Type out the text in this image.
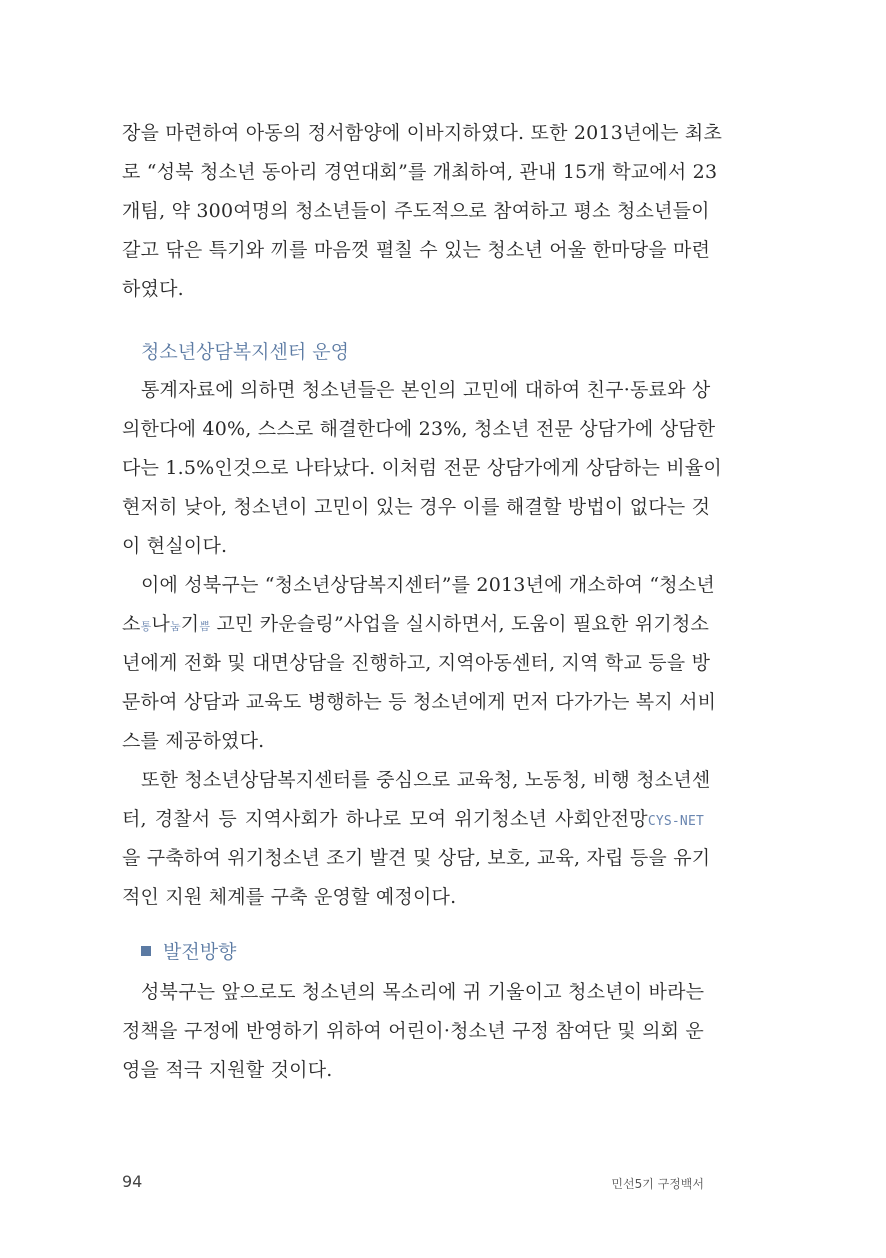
장을 마련하여 아동의 정서함양에 이바지하였다. 또한 2013년에는 최초
로 “성북 청소년 동아리 경연대회”를 개최하여, 관내 15개 학교에서 23
개팀, 약 300여명의 청소년들이 주도적으로 참여하고 평소 청소년들이
갈고 닦은 특기와 끼를 마음껏 펼칠 수 있는 청소년 어울 한마당을 마련
하였다.
청소년상담복지센터 운영
통계자료에 의하면 청소년들은 본인의 고민에 대하여 친구·동료와 상
의한다에 40%, 스스로 해결한다에 23%, 청소년 전문 상담가에 상담한
다는 1.5%인것으로 나타났다. 이처럼 전문 상담가에게 상담하는 비율이
현저히 낮아, 청소년이 고민이 있는 경우 이를 해결할 방법이 없다는 것
이 현실이다.
이에 성북구는 “청소년상담복지센터”를 2013년에 개소하여 “청소년
소통나눔기쁨 고민 카운슬링”사업을 실시하면서, 도움이 필요한 위기청소
년에게 전화 및 대면상담을 진행하고, 지역아동센터, 지역 학교 등을 방
문하여 상담과 교육도 병행하는 등 청소년에게 먼저 다가가는 복지 서비
스를 제공하였다.
또한 청소년상담복지센터를 중심으로 교육청, 노동청, 비행 청소년센
터, 경찰서 등 지역사회가 하나로 모여 위기청소년 사회안전망CYS-NET
을 구축하여 위기청소년 조기 발견 및 상담, 보호, 교육, 자립 등을 유기
적인 지원 체계를 구축 운영할 예정이다.
발전방향
성북구는 앞으로도 청소년의 목소리에 귀 기울이고 청소년이 바라는
정책을 구정에 반영하기 위하여 어린이·청소년 구정 참여단 및 의회 운
영을 적극 지원할 것이다.
94	민선5기 구정백서
